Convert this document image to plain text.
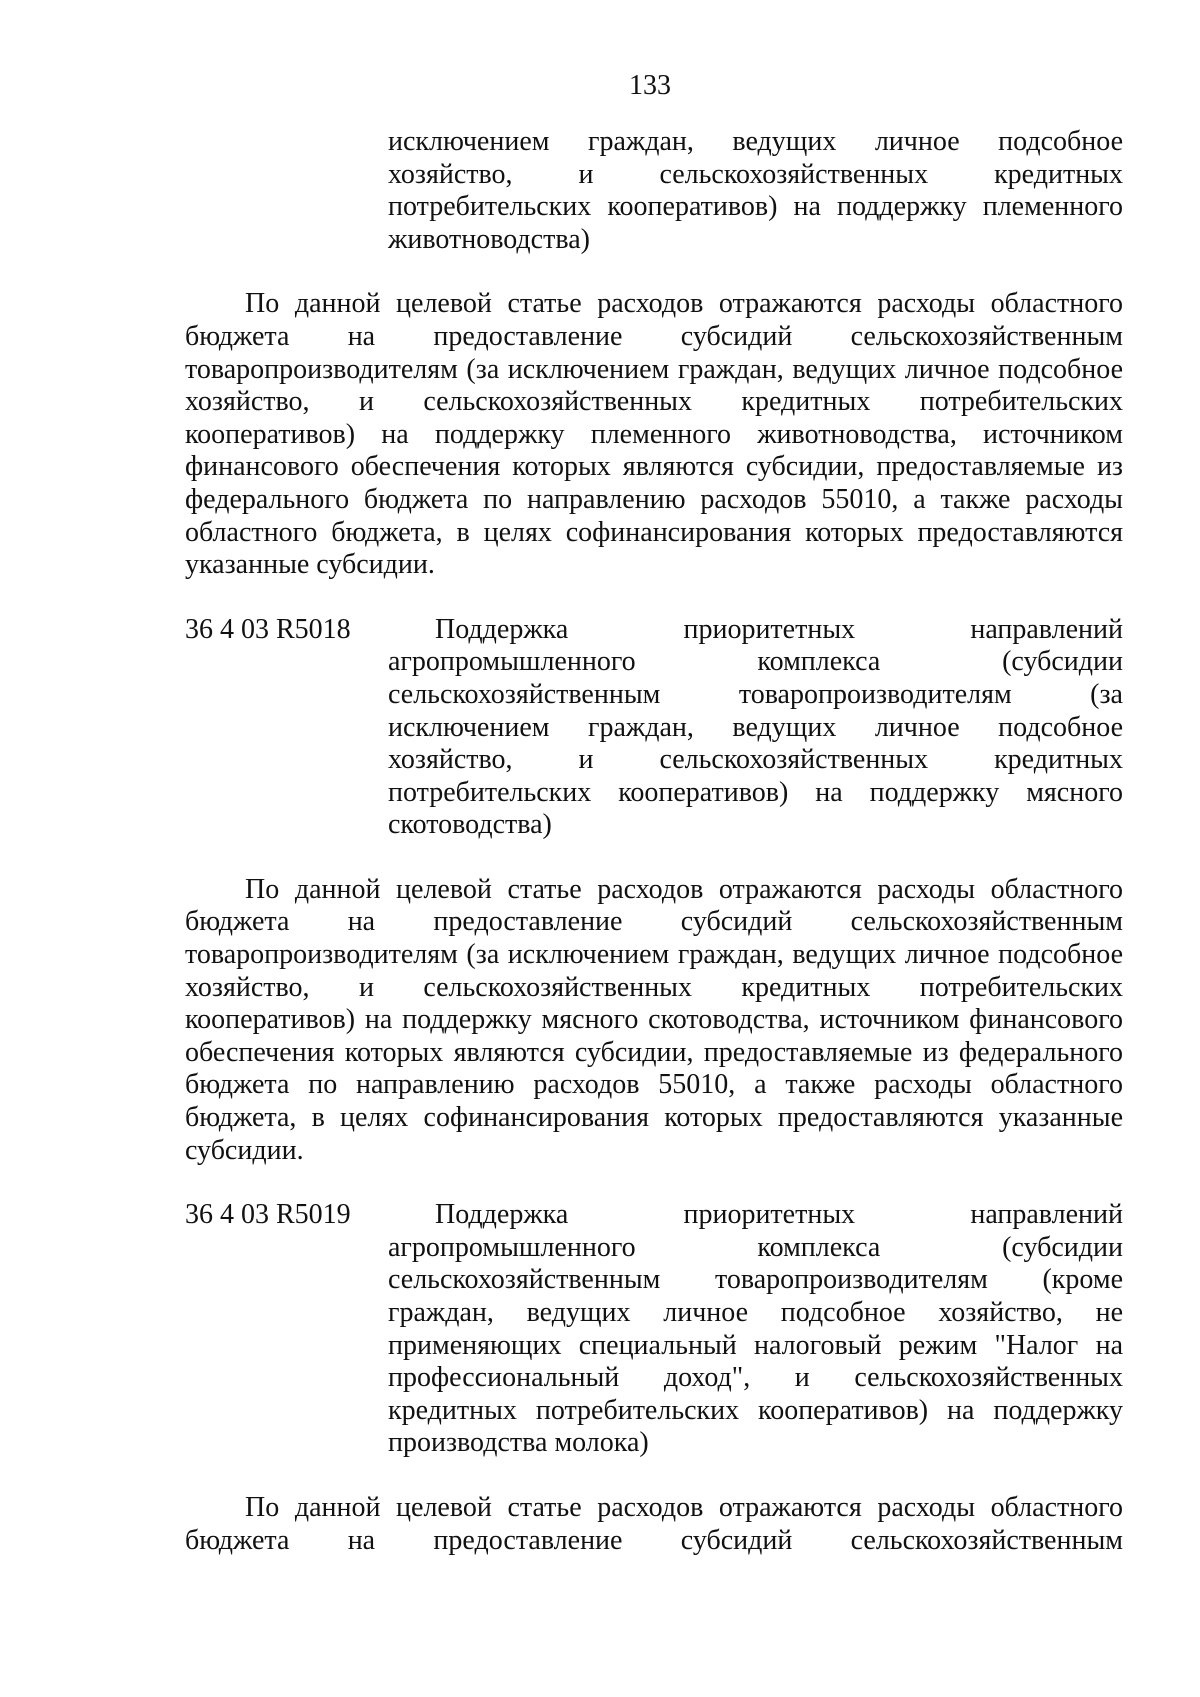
133

исключением граждан, ведущих личное подсобное хозяйство, и сельскохозяйственных кредитных потребительских кооперативов) на поддержку племенного животноводства)

По данной целевой статье расходов отражаются расходы областного бюджета на предоставление субсидий сельскохозяйственным товаропроизводителям (за исключением граждан, ведущих личное подсобное хозяйство, и сельскохозяйственных кредитных потребительских кооперативов) на поддержку племенного животноводства, источником финансового обеспечения которых являются субсидии, предоставляемые из федерального бюджета по направлению расходов 55010, а также расходы областного бюджета, в целях софинансирования которых предоставляются указанные субсидии.

36 4 03 R5018	Поддержка приоритетных направлений агропромышленного комплекса (субсидии сельскохозяйственным товаропроизводителям (за исключением граждан, ведущих личное подсобное хозяйство, и сельскохозяйственных кредитных потребительских кооперативов) на поддержку мясного скотоводства)

По данной целевой статье расходов отражаются расходы областного бюджета на предоставление субсидий сельскохозяйственным товаропроизводителям (за исключением граждан, ведущих личное подсобное хозяйство, и сельскохозяйственных кредитных потребительских кооперативов) на поддержку мясного скотоводства, источником финансового обеспечения которых являются субсидии, предоставляемые из федерального бюджета по направлению расходов 55010, а также расходы областного бюджета, в целях софинансирования которых предоставляются указанные субсидии.

36 4 03 R5019	Поддержка приоритетных направлений агропромышленного комплекса (субсидии сельскохозяйственным товаропроизводителям (кроме граждан, ведущих личное подсобное хозяйство, не применяющих специальный налоговый режим "Налог на профессиональный доход", и сельскохозяйственных кредитных потребительских кооперативов) на поддержку производства молока)

По данной целевой статье расходов отражаются расходы областного бюджета на предоставление субсидий сельскохозяйственным
